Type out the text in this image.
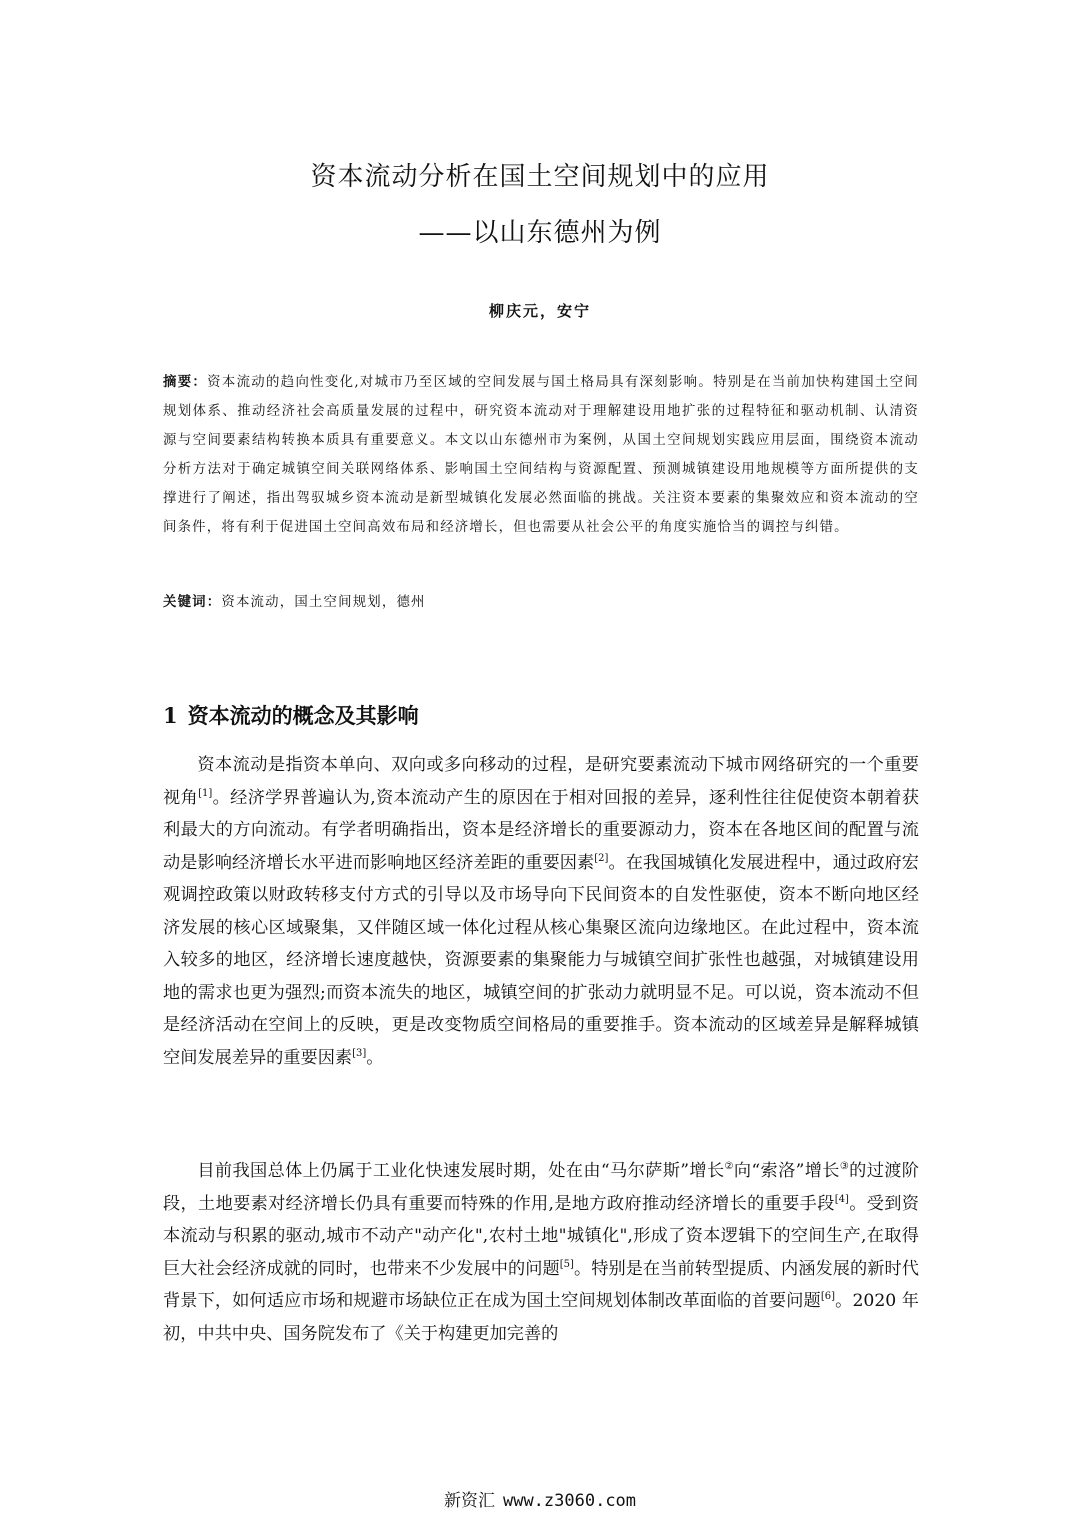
资本流动分析在国土空间规划中的应用
——以山东德州为例
柳庆元，安宁
摘要：资本流动的趋向性变化,对城市乃至区域的空间发展与国土格局具有深刻影响。特别是在当前加快构建国土空间规划体系、推动经济社会高质量发展的过程中，研究资本流动对于理解建设用地扩张的过程特征和驱动机制、认清资源与空间要素结构转换本质具有重要意义。本文以山东德州市为案例，从国土空间规划实践应用层面，围绕资本流动分析方法对于确定城镇空间关联网络体系、影响国土空间结构与资源配置、预测城镇建设用地规模等方面所提供的支撑进行了阐述，指出驾驭城乡资本流动是新型城镇化发展必然面临的挑战。关注资本要素的集聚效应和资本流动的空间条件，将有利于促进国土空间高效布局和经济增长，但也需要从社会公平的角度实施恰当的调控与纠错。
关键词：资本流动，国土空间规划，德州
1 资本流动的概念及其影响

资本流动是指资本单向、双向或多向移动的过程，是研究要素流动下城市网络研究的一个重要视角[1]。经济学界普遍认为,资本流动产生的原因在于相对回报的差异，逐利性往往促使资本朝着获利最大的方向流动。有学者明确指出，资本是经济增长的重要源动力，资本在各地区间的配置与流动是影响经济增长水平进而影响地区经济差距的重要因素[2]。在我国城镇化发展进程中，通过政府宏观调控政策以财政转移支付方式的引导以及市场导向下民间资本的自发性驱使，资本不断向地区经济发展的核心区域聚集，又伴随区域一体化过程从核心集聚区流向边缘地区。在此过程中，资本流入较多的地区，经济增长速度越快，资源要素的集聚能力与城镇空间扩张性也越强，对城镇建设用地的需求也更为强烈;而资本流失的地区，城镇空间的扩张动力就明显不足。可以说，资本流动不但是经济活动在空间上的反映，更是改变物质空间格局的重要推手。资本流动的区域差异是解释城镇空间发展差异的重要因素[3]。

目前我国总体上仍属于工业化快速发展时期，处在由“马尔萨斯”增长②向“索洛”增长③的过渡阶段，土地要素对经济增长仍具有重要而特殊的作用,是地方政府推动经济增长的重要手段[4]。受到资本流动与积累的驱动,城市不动产"动产化",农村土地"城镇化",形成了资本逻辑下的空间生产,在取得巨大社会经济成就的同时，也带来不少发展中的问题[5]。特别是在当前转型提质、内涵发展的新时代背景下，如何适应市场和规避市场缺位正在成为国土空间规划体制改革面临的首要问题[6]。2020 年初，中共中央、国务院发布了《关于构建更加完善的

新资汇 www.z3060.com
